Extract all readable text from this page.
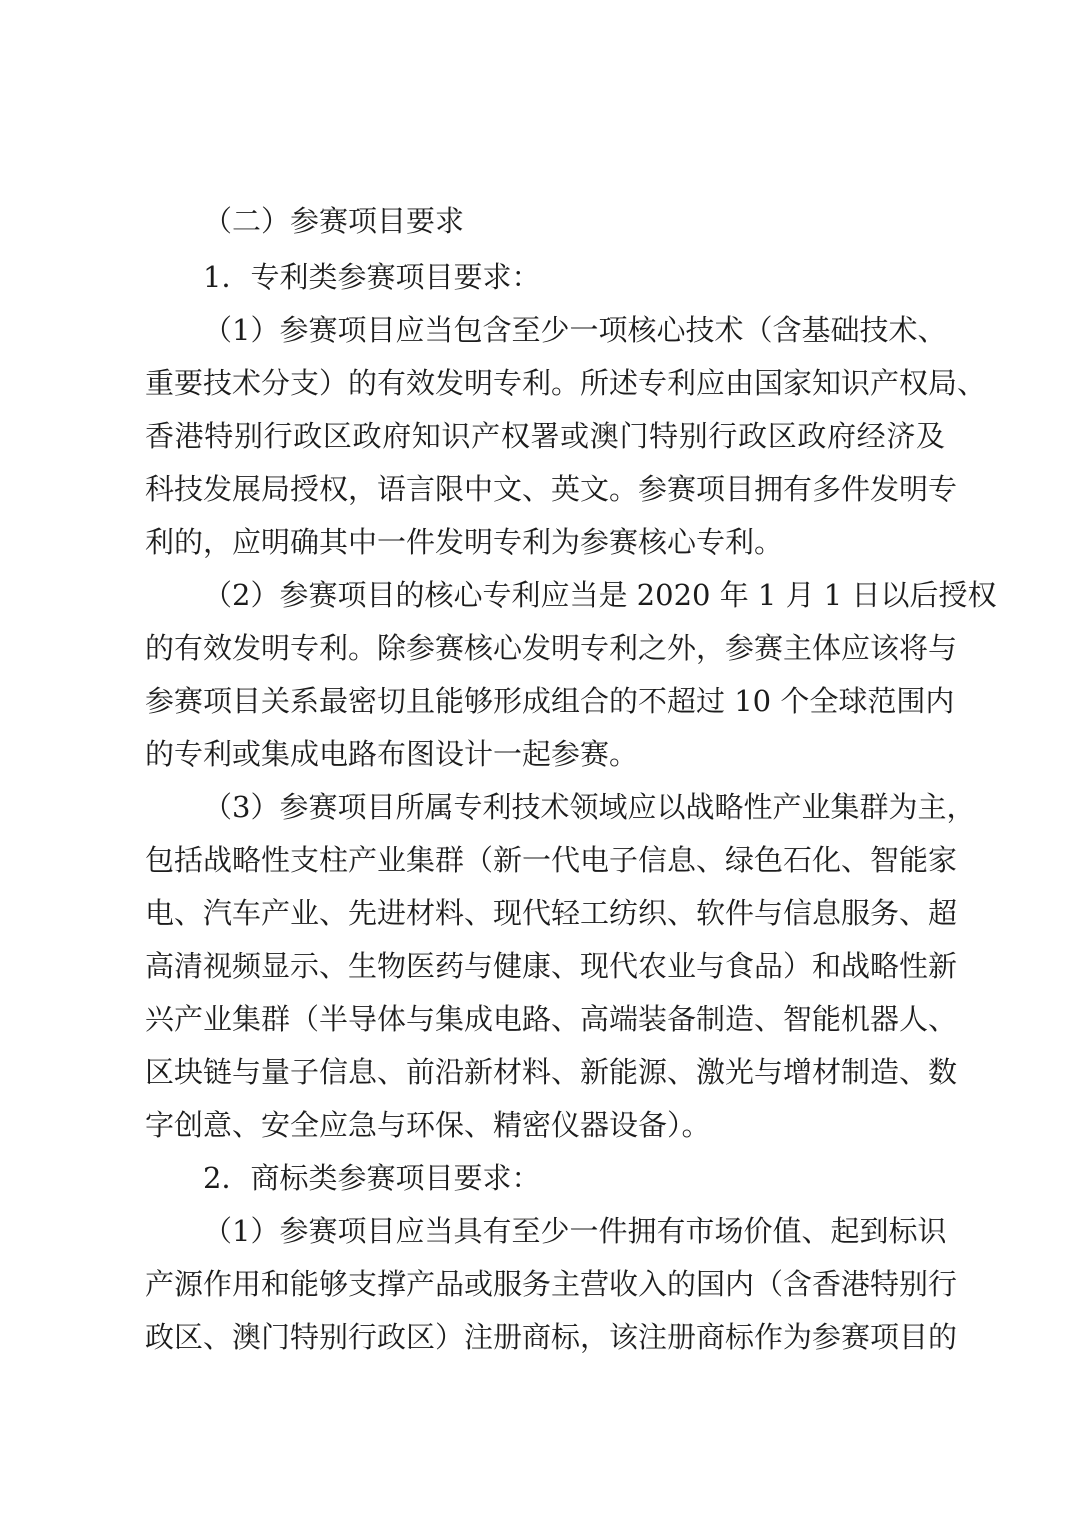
（二）参赛项目要求
1．专利类参赛项目要求：
（1）参赛项目应当包含至少一项核心技术（含基础技术、
重要技术分支）的有效发明专利。所述专利应由国家知识产权局、
香港特别行政区政府知识产权署或澳门特别行政区政府经济及
科技发展局授权，语言限中文、英文。参赛项目拥有多件发明专
利的，应明确其中一件发明专利为参赛核心专利。
（2）参赛项目的核心专利应当是 2020 年 1 月 1 日以后授权
的有效发明专利。除参赛核心发明专利之外，参赛主体应该将与
参赛项目关系最密切且能够形成组合的不超过 10 个全球范围内
的专利或集成电路布图设计一起参赛。
（3）参赛项目所属专利技术领域应以战略性产业集群为主，
包括战略性支柱产业集群（新一代电子信息、绿色石化、智能家
电、汽车产业、先进材料、现代轻工纺织、软件与信息服务、超
高清视频显示、生物医药与健康、现代农业与食品）和战略性新
兴产业集群（半导体与集成电路、高端装备制造、智能机器人、
区块链与量子信息、前沿新材料、新能源、激光与增材制造、数
字创意、安全应急与环保、精密仪器设备）。
2．商标类参赛项目要求：
（1）参赛项目应当具有至少一件拥有市场价值、起到标识
产源作用和能够支撑产品或服务主营收入的国内（含香港特别行
政区、澳门特别行政区）注册商标，该注册商标作为参赛项目的
